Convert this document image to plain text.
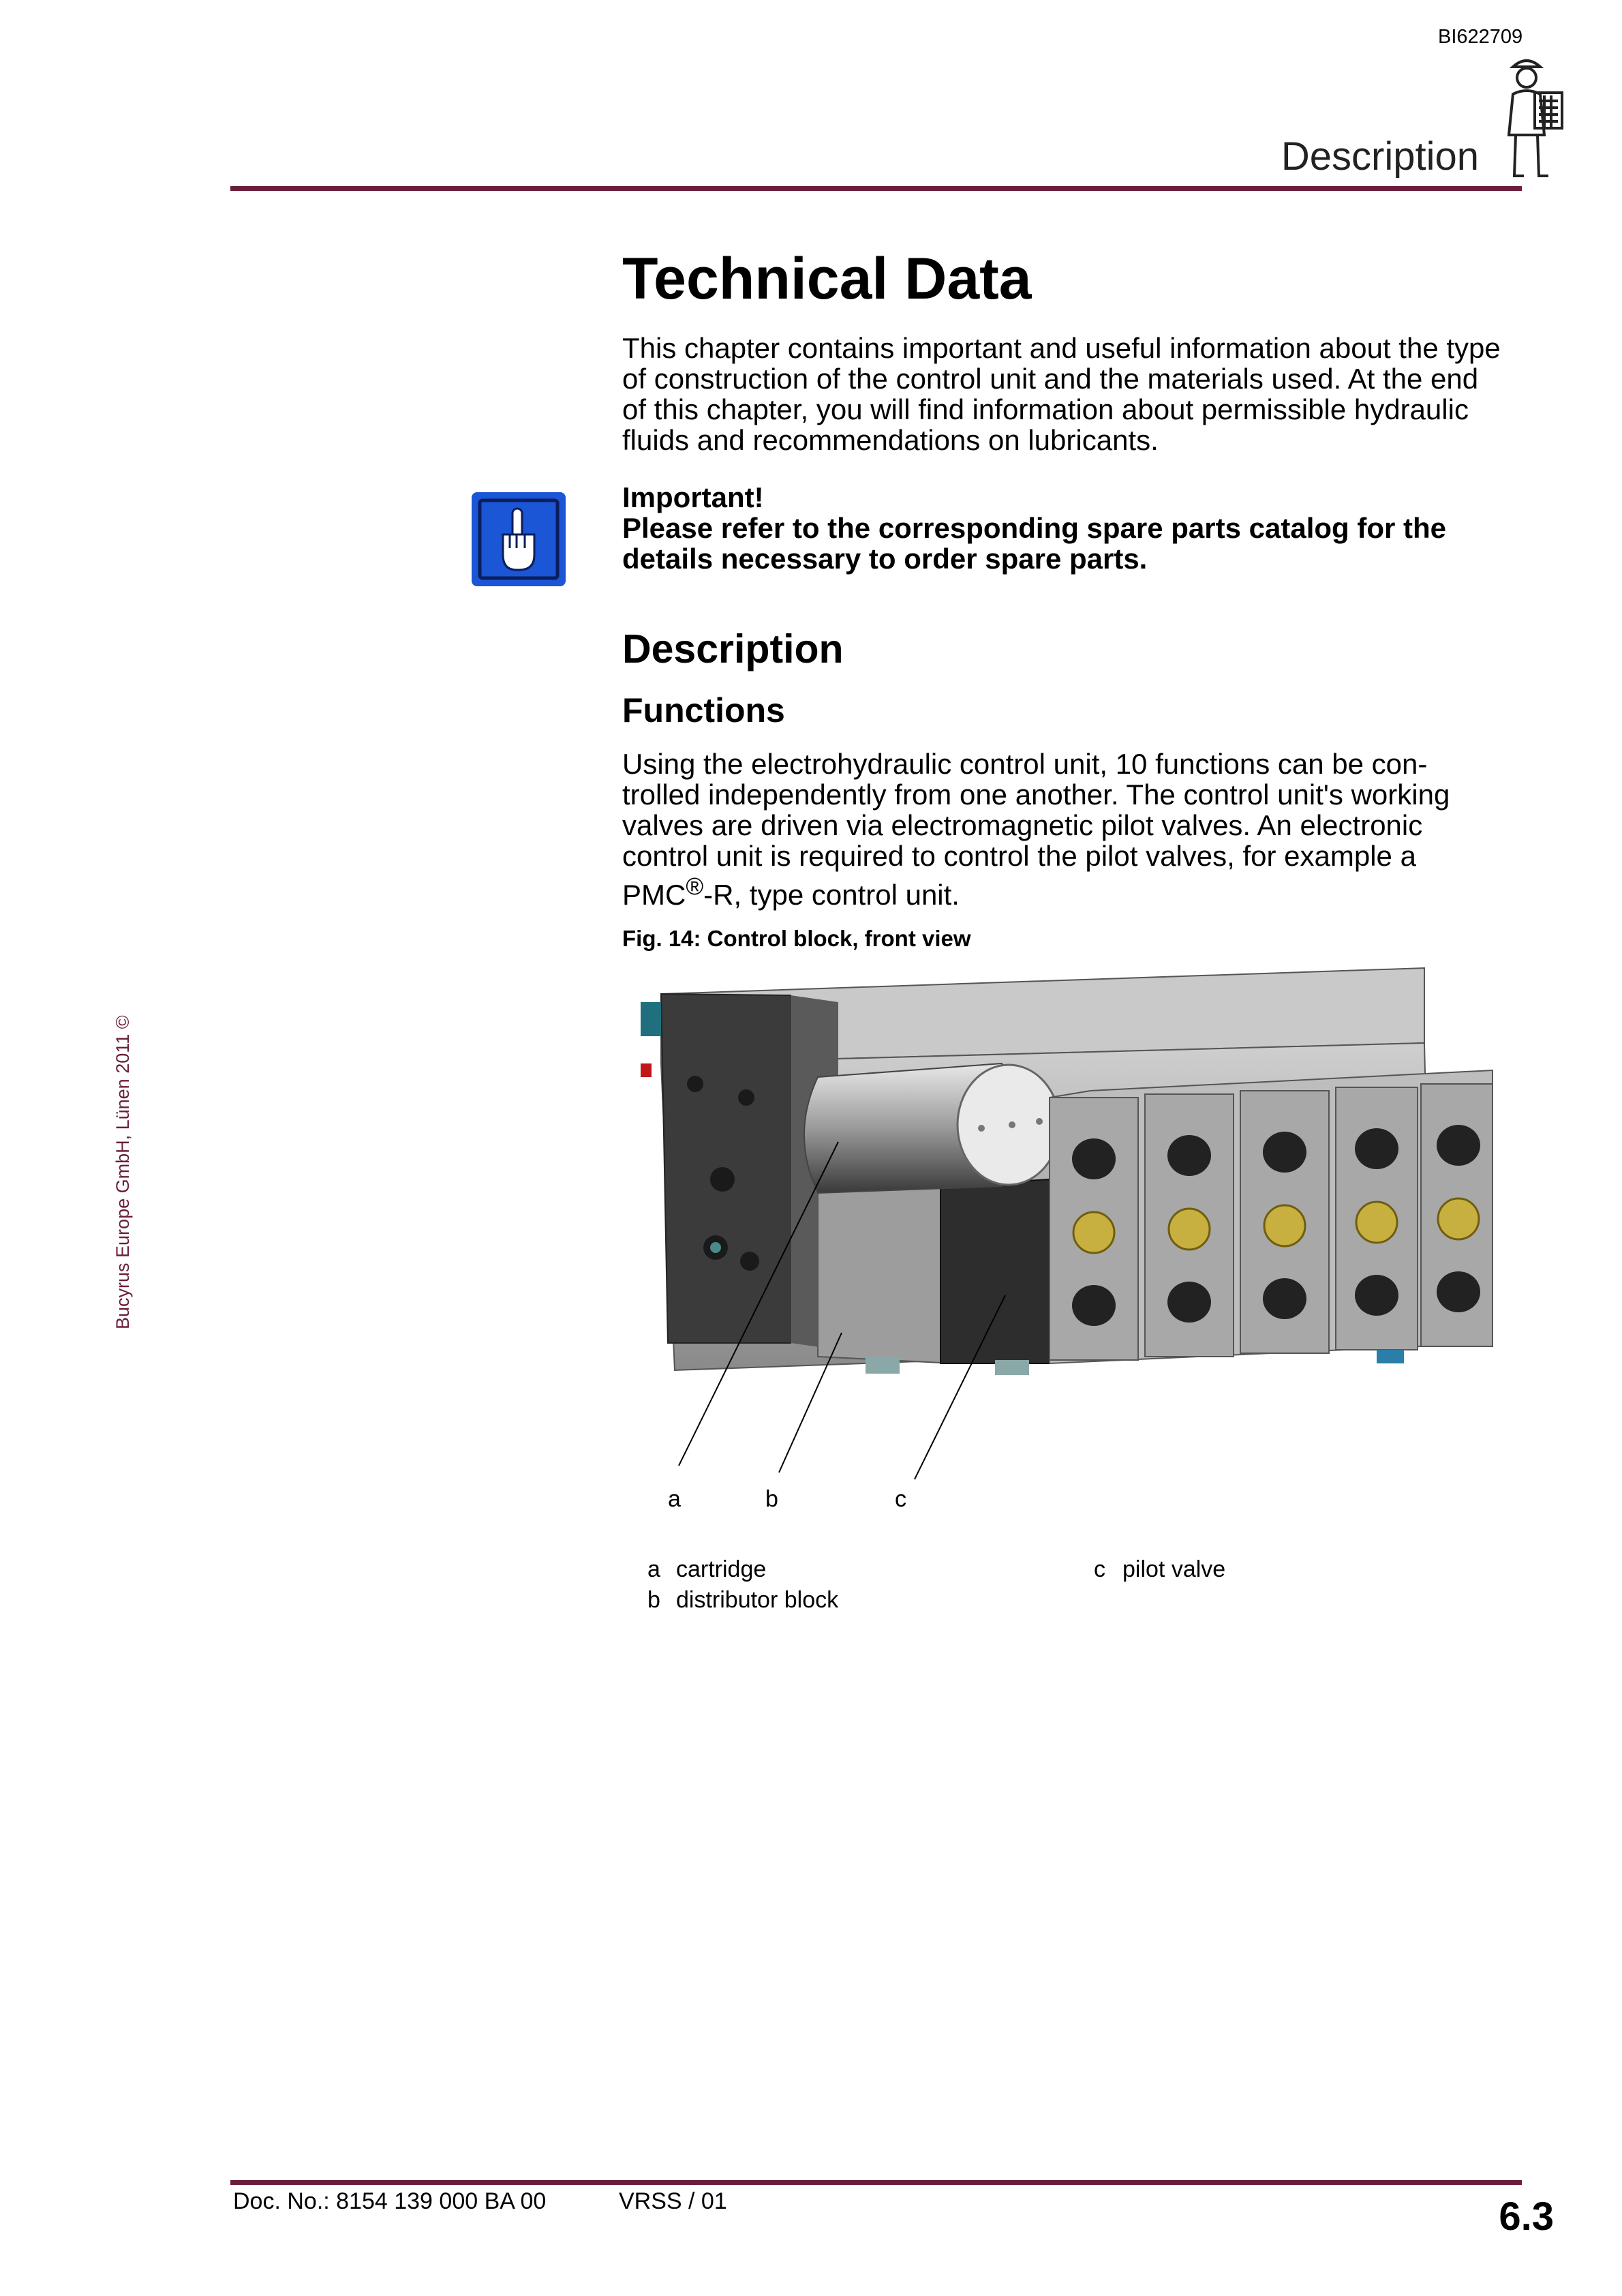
BI622709
Description
Technical Data
This chapter contains important and useful information about the type of construction of the control unit and the materials used. At the end of this chapter, you will find information about permissible hydraulic fluids and recommendations on lubricants.
Important!
Please refer to the corresponding spare parts catalog for the details necessary to order spare parts.
Description
Functions
Using the electrohydraulic control unit, 10 functions can be con-trolled independently from one another. The control unit's working valves are driven via electromagnetic pilot valves. An electronic control unit is required to control the pilot valves, for example a PMC®-R, type control unit.
Fig. 14: Control block, front view
a	b	c
a cartridge
b distributor block
c pilot valve
Bucyrus Europe GmbH, Lünen 2011 ©
Doc. No.: 8154 139 000 BA 00	VRSS / 01	6.3
